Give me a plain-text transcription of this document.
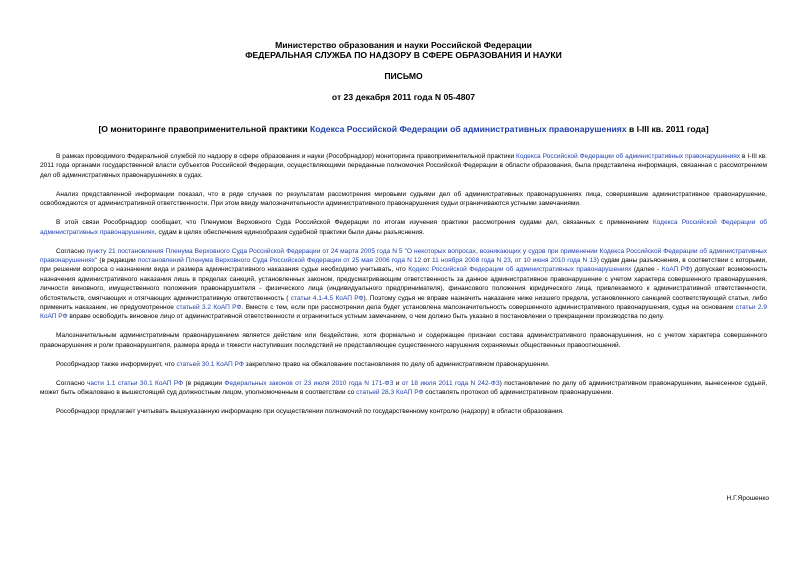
Министерство образования и науки Российской Федерации
ФЕДЕРАЛЬНАЯ СЛУЖБА ПО НАДЗОРУ В СФЕРЕ ОБРАЗОВАНИЯ И НАУКИ
ПИСЬМО
от 23 декабря 2011 года N 05-4807
[О мониторинге правоприменительной практики Кодекса Российской Федерации об административных правонарушениях в I-III кв. 2011 года]

В рамках проводимого Федеральной службой по надзору в сфере образования и науки (Рособрнадзор) мониторинга правоприменительной практики Кодекса Российской Федерации об административных правонарушениях в I-III кв. 2011 года органами государственной власти субъектов Российской Федерации, осуществляющими переданные полномочия Российской Федерации в области образования, была представлена информация, связанная с рассмотрением дел об административных правонарушениях в судах.

Анализ представленной информации показал, что в ряде случаев по результатам рассмотрения мировыми судьями дел об административных правонарушениях лица, совершившие административное правонарушение, освобождаются от административной ответственности. При этом ввиду малозначительности административного правонарушения судьи ограничиваются устными замечаниями.

В этой связи Рособрнадзор сообщает, что Пленумом Верховного Суда Российской Федерации по итогам изучения практики рассмотрения судами дел, связанных с применением Кодекса Российской Федерации об административных правонарушениях, судам в целях обеспечения единообразия судебной практики были даны разъяснения.

Согласно пункту 21 постановления Пленума Верховного Суда Российской Федерации от 24 марта 2005 года N 5 "О некоторых вопросах, возникающих у судов при применении Кодекса Российской Федерации об административных правонарушениях" (в редакции постановлений Пленума Верховного Суда Российской Федерации от 25 мая 2006 года N 12 от 11 ноября 2008 года N 23, от 10 июня 2010 года N 13) судам даны разъяснения, в соответствии с которыми, при решении вопроса о назначении вида и размера административного наказания судье необходимо учитывать, что Кодекс Российской Федерации об административных правонарушениях (далее - КоАП РФ) допускает возможность назначения административного наказания лишь в пределах санкций, установленных законом, предусматривающим ответственность за данное административное правонарушение с учетом характера совершенного правонарушения, личности виновного, имущественного положения правонарушителя - физического лица (индивидуального предпринимателя), финансового положения юридического лица, привлекаемого к административной ответственности, обстоятельств, смягчающих и отягчающих административную ответственность ( статьи 4.1-4.5 КоАП РФ). Поэтому судья не вправе назначить наказание ниже низшего предела, установленного санкцией соответствующей статьи, либо применить наказание, не предусмотренное статьей 3.2 КоАП РФ. Вместе с тем, если при рассмотрении дела будет установлена малозначительность совершенного административного правонарушения, судья на основании статьи 2.9 КоАП РФ вправе освободить виновное лицо от административной ответственности и ограничиться устным замечанием, о чем должно быть указано в постановлении о прекращении производства по делу.

Малозначительным административным правонарушением является действие или бездействие, хотя формально и содержащее признаки состава административного правонарушения, но с учетом характера совершенного правонарушения и роли правонарушителя, размера вреда и тяжести наступивших последствий не представляющее существенного нарушения охраняемых общественных правоотношений.

Рособрнадзор также информирует, что статьей 30.1 КоАП РФ закреплено право на обжалование постановления по делу об административном правонарушении.

Согласно части 1.1 статьи 30.1 КоАП РФ (в редакции Федеральных законов от 23 июля 2010 года N 171-ФЗ и от 18 июля 2011 года N 242-ФЗ) постановление по делу об административном правонарушении, вынесенное судьей, может быть обжаловано в вышестоящий суд должностным лицом, уполномоченным в соответствии со статьей 28.3 КоАП РФ составлять протокол об административном правонарушении.

Рособрнадзор предлагает учитывать вышеуказанную информацию при осуществлении полномочий по государственному контролю (надзору) в области образования.

Н.Г.Ярошенко
